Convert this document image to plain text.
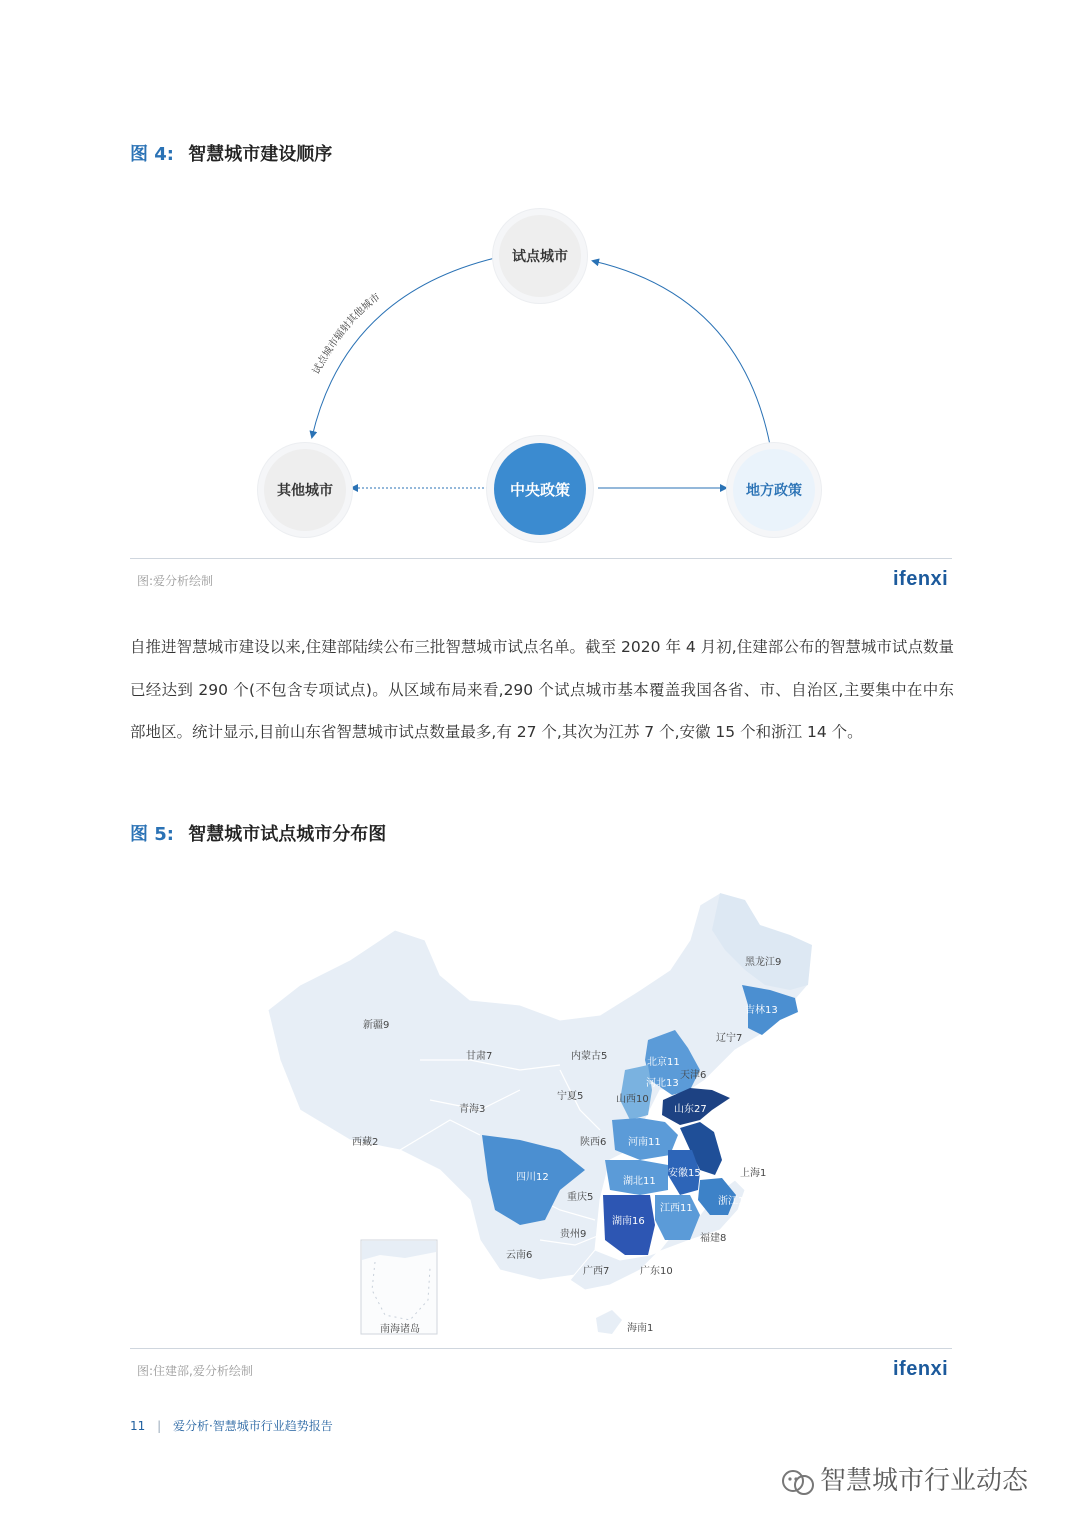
图 4: 智慧城市建设顺序
试点城市辐射其他城市
试点城市
其他城市	中央政策	地方政策
图:爱分析绘制	ifenxi
自推进智慧城市建设以来,住建部陆续公布三批智慧城市试点名单。截至 2020 年 4 月初,住建部公布的智慧城市试点数量已经达到 290 个(不包含专项试点)。从区域布局来看,290 个试点城市基本覆盖我国各省、市、自治区,主要集中在中东部地区。统计显示,目前山东省智慧城市试点数量最多,有 27 个,其次为江苏 7 个,安徽 15 个和浙江 14 个。
图 5: 智慧城市试点城市分布图
黑龙江9
吉林13
辽宁7
新疆9
甘肃7	内蒙古5
北京11
天津6
河北13
宁夏5	山西10
山东27
青海3
西藏2	陕西6 河南11	江苏20
上海1
安徽15
四川12	湖北11
浙江14
重庆5
江西11
湖南16
贵州9	福建8
云南6
广西7	广东10
海南1
南海诸岛
图:住建部,爱分析绘制	ifenxi
11 | 爱分析·智慧城市行业趋势报告
智慧城市行业动态
